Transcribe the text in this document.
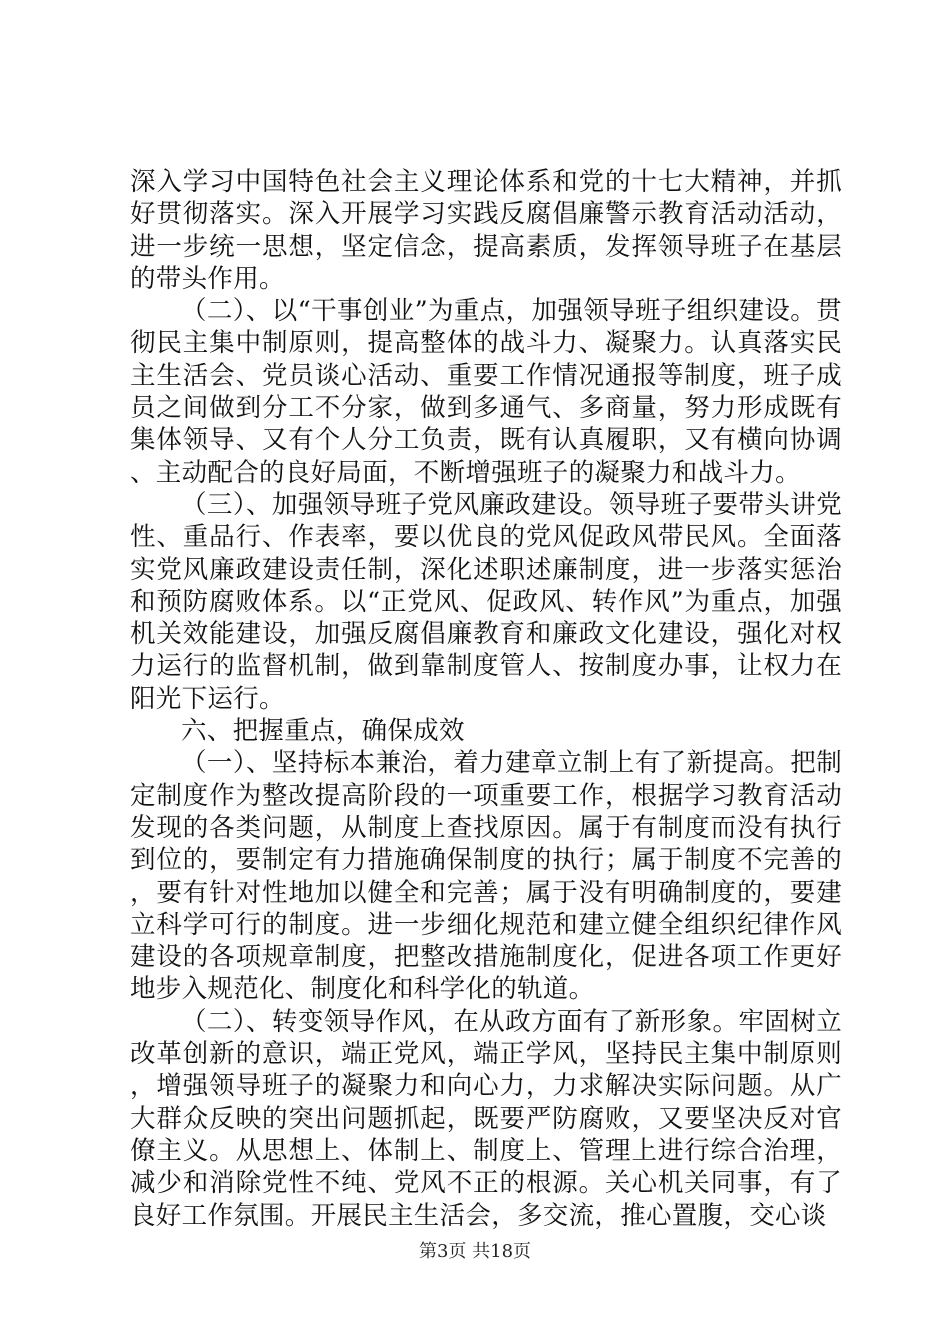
深入学习中国特色社会主义理论体系和党的十七大精神，并抓好贯彻落实。深入开展学习实践反腐倡廉警示教育活动活动，进一步统一思想，坚定信念，提高素质，发挥领导班子在基层的带头作用。

（二）、以“干事创业”为重点，加强领导班子组织建设。贯彻民主集中制原则，提高整体的战斗力、凝聚力。认真落实民主生活会、党员谈心活动、重要工作情况通报等制度，班子成员之间做到分工不分家，做到多通气、多商量，努力形成既有集体领导、又有个人分工负责，既有认真履职，又有横向协调、主动配合的良好局面，不断增强班子的凝聚力和战斗力。

（三）、加强领导班子党风廉政建设。领导班子要带头讲党性、重品行、作表率，要以优良的党风促政风带民风。全面落实党风廉政建设责任制，深化述职述廉制度，进一步落实惩治和预防腐败体系。以“正党风、促政风、转作风”为重点，加强机关效能建设，加强反腐倡廉教育和廉政文化建设，强化对权力运行的监督机制，做到靠制度管人、按制度办事，让权力在阳光下运行。

六、把握重点，确保成效

（一）、坚持标本兼治，着力建章立制上有了新提高。把制定制度作为整改提高阶段的一项重要工作，根据学习教育活动发现的各类问题，从制度上查找原因。属于有制度而没有执行到位的，要制定有力措施确保制度的执行；属于制度不完善的，要有针对性地加以健全和完善；属于没有明确制度的，要建立科学可行的制度。进一步细化规范和建立健全组织纪律作风建设的各项规章制度，把整改措施制度化，促进各项工作更好地步入规范化、制度化和科学化的轨道。

（二）、转变领导作风，在从政方面有了新形象。牢固树立改革创新的意识，端正党风，端正学风，坚持民主集中制原则，增强领导班子的凝聚力和向心力，力求解决实际问题。从广大群众反映的突出问题抓起，既要严防腐败，又要坚决反对官僚主义。从思想上、体制上、制度上、管理上进行综合治理，减少和消除党性不纯、党风不正的根源。关心机关同事，有了良好工作氛围。开展民主生活会，多交流，推心置腹，交心谈

第3页 共18页
